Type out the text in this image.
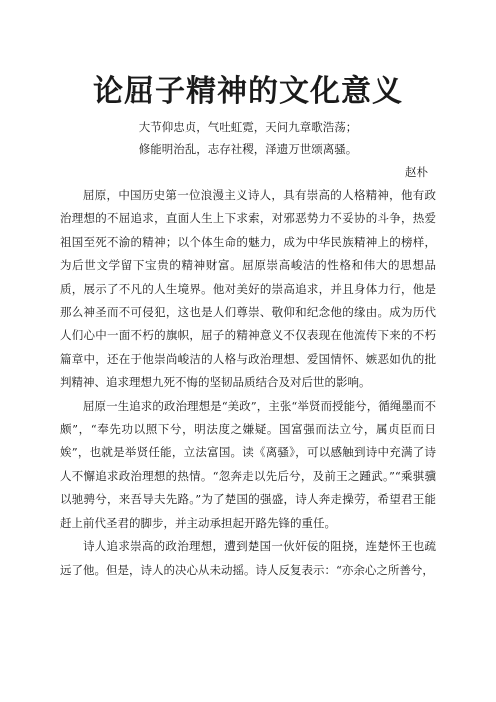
论屈子精神的文化意义

大节仰忠贞，气吐虹霓，天问九章歌浩荡；

修能明治乱，志存社稷，泽遗万世颂离骚。

赵朴

屈原，中国历史第一位浪漫主义诗人，具有崇高的人格精神，他有政治理想的不屈追求，直面人生上下求索，对邪恶势力不妥协的斗争，热爱祖国至死不渝的精神；以个体生命的魅力，成为中华民族精神上的榜样，为后世文学留下宝贵的精神财富。屈原崇高峻洁的性格和伟大的思想品质，展示了不凡的人生境界。他对美好的崇高追求，并且身体力行，他是那么神圣而不可侵犯，这也是人们尊崇、敬仰和纪念他的缘由。成为历代人们心中一面不朽的旗帜，屈子的精神意义不仅表现在他流传下来的不朽篇章中，还在于他崇尚峻洁的人格与政治理想、爱国情怀、嫉恶如仇的批判精神、追求理想九死不悔的坚韧品质结合及对后世的影响。

屈原一生追求的政治理想是“美政”，主张“举贤而授能兮，循绳墨而不颇”，“奉先功以照下兮，明法度之嫌疑。国富强而法立兮，属贞臣而日娭”，也就是举贤任能，立法富国。读《离骚》，可以感触到诗中充满了诗人不懈追求政治理想的热情。“忽奔走以先后兮，及前王之踵武。”“乘骐骥以驰骋兮，来吾导夫先路。”为了楚国的强盛，诗人奔走操劳，希望君王能赶上前代圣君的脚步，并主动承担起开路先锋的重任。

诗人追求崇高的政治理想，遭到楚国一伙奸佞的阻挠，连楚怀王也疏远了他。但是，诗人的决心从未动摇。诗人反复表示：“亦余心之所善兮，
